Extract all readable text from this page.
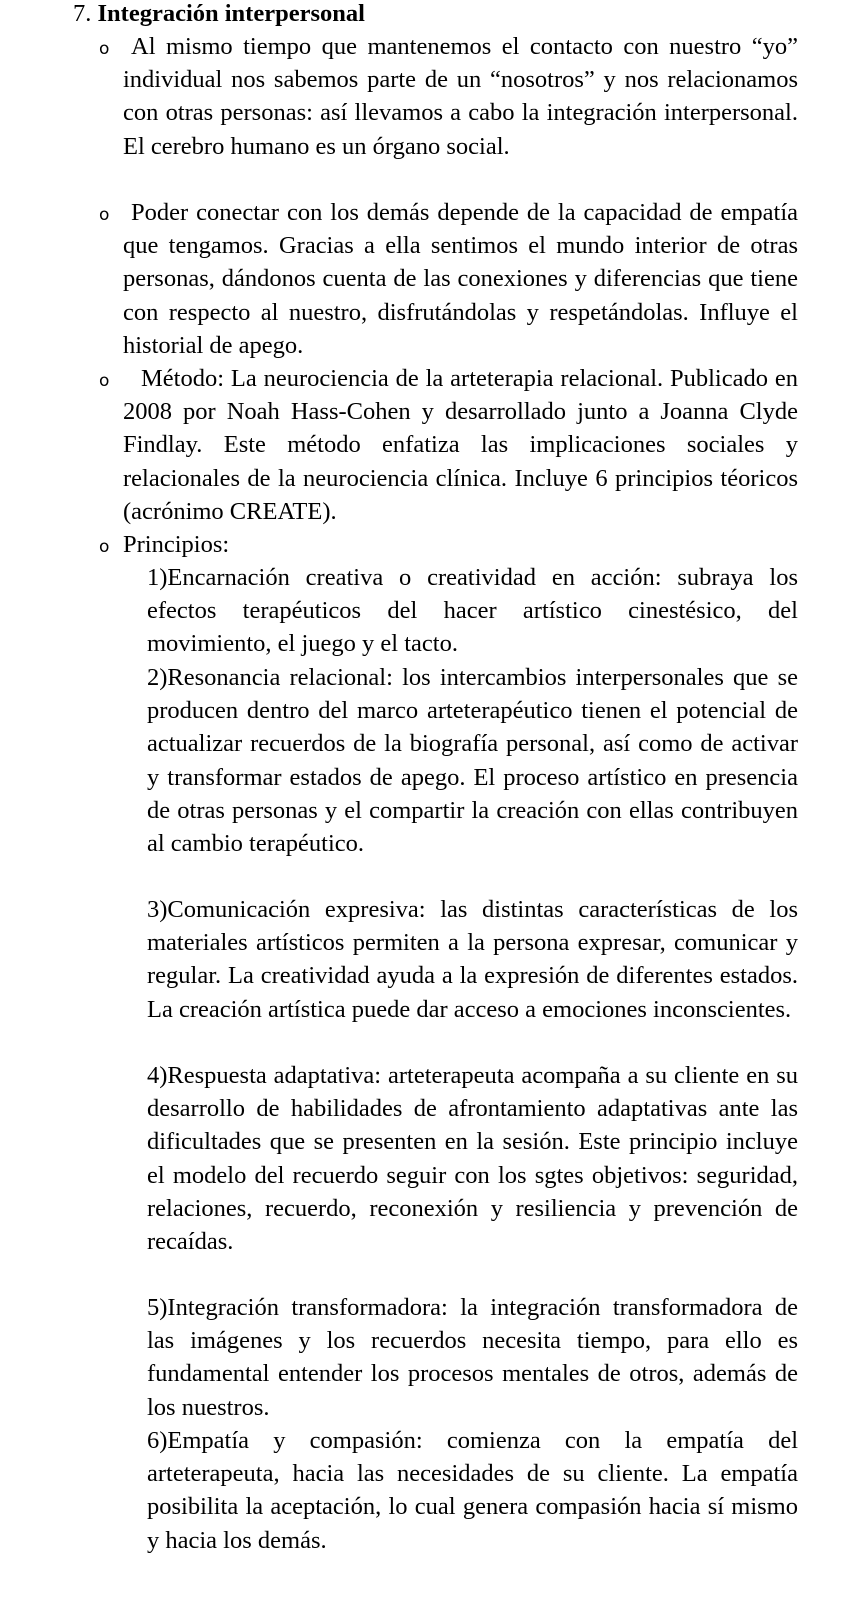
7. Integración interpersonal
o Al mismo tiempo que mantenemos el contacto con nuestro “yo” individual nos sabemos parte de un “nosotros” y nos relacionamos con otras personas: así llevamos a cabo la integración interpersonal. El cerebro humano es un órgano social.
o Poder conectar con los demás depende de la capacidad de empatía que tengamos. Gracias a ella sentimos el mundo interior de otras personas, dándonos cuenta de las conexiones y diferencias que tiene con respecto al nuestro, disfrutándolas y respetándolas. Influye el historial de apego.
o	Método: La neurociencia de la arteterapia relacional. Publicado en 2008 por Noah Hass-Cohen y desarrollado junto a Joanna Clyde Findlay. Este método enfatiza las implicaciones sociales y relacionales de la neurociencia clínica. Incluye 6 principios téoricos (acrónimo CREATE).
o Principios:
1)Encarnación creativa o creatividad en acción: subraya los efectos terapéuticos del hacer artístico cinestésico, del movimiento, el juego y el tacto.
2)Resonancia relacional: los intercambios interpersonales que se producen dentro del marco arteterapéutico tienen el potencial de actualizar recuerdos de la biografía personal, así como de activar y transformar estados de apego. El proceso artístico en presencia de otras personas y el compartir la creación con ellas contribuyen al cambio terapéutico.
3)Comunicación expresiva: las distintas características de los materiales artísticos permiten a la persona expresar, comunicar y regular. La creatividad ayuda a la expresión de diferentes estados. La creación artística puede dar acceso a emociones inconscientes.
4)Respuesta adaptativa: arteterapeuta acompaña a su cliente en su desarrollo de habilidades de afrontamiento adaptativas ante las dificultades que se presenten en la sesión. Este principio incluye el modelo del recuerdo seguir con los sgtes objetivos: seguridad, relaciones, recuerdo, reconexión y resiliencia y prevención de recaídas.
5)Integración transformadora: la integración transformadora de las imágenes y los recuerdos necesita tiempo, para ello es fundamental entender los procesos mentales de otros, además de los nuestros.
6)Empatía y compasión: comienza con la empatía del arteterapeuta, hacia las necesidades de su cliente. La empatía posibilita la aceptación, lo cual genera compasión hacia sí mismo y hacia los demás.
